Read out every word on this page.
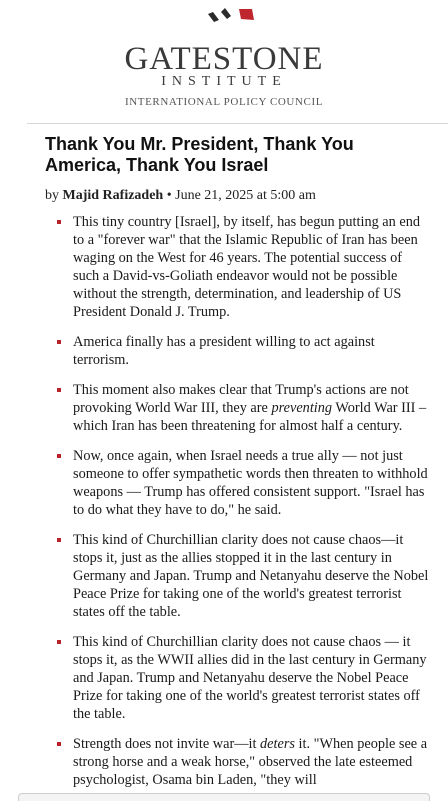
GATESTONE
INSTITUTE
INTERNATIONAL POLICY COUNCIL
Thank You Mr. President, Thank You America, Thank You Israel
by Majid Rafizadeh • June 21, 2025 at 5:00 am
This tiny country [Israel], by itself, has begun putting an end to a "forever war" that the Islamic Republic of Iran has been waging on the West for 46 years. The potential success of such a David-vs-Goliath endeavor would not be possible without the strength, determination, and leadership of US President Donald J. Trump.
America finally has a president willing to act against terrorism.
This moment also makes clear that Trump's actions are not provoking World War III, they are preventing World War III – which Iran has been threatening for almost half a century.
Now, once again, when Israel needs a true ally — not just someone to offer sympathetic words then threaten to withhold weapons — Trump has offered consistent support. "Israel has to do what they have to do," he said.
This kind of Churchillian clarity does not cause chaos—it stops it, just as the allies stopped it in the last century in Germany and Japan. Trump and Netanyahu deserve the Nobel Peace Prize for taking one of the world's greatest terrorist states off the table.
This kind of Churchillian clarity does not cause chaos — it stops it, as the WWII allies did in the last century in Germany and Japan. Trump and Netanyahu deserve the Nobel Peace Prize for taking one of the world's greatest terrorist states off the table.
Strength does not invite war—it deters it. "When people see a strong horse and a weak horse," observed the late esteemed psychologist, Osama bin Laden, "they will
